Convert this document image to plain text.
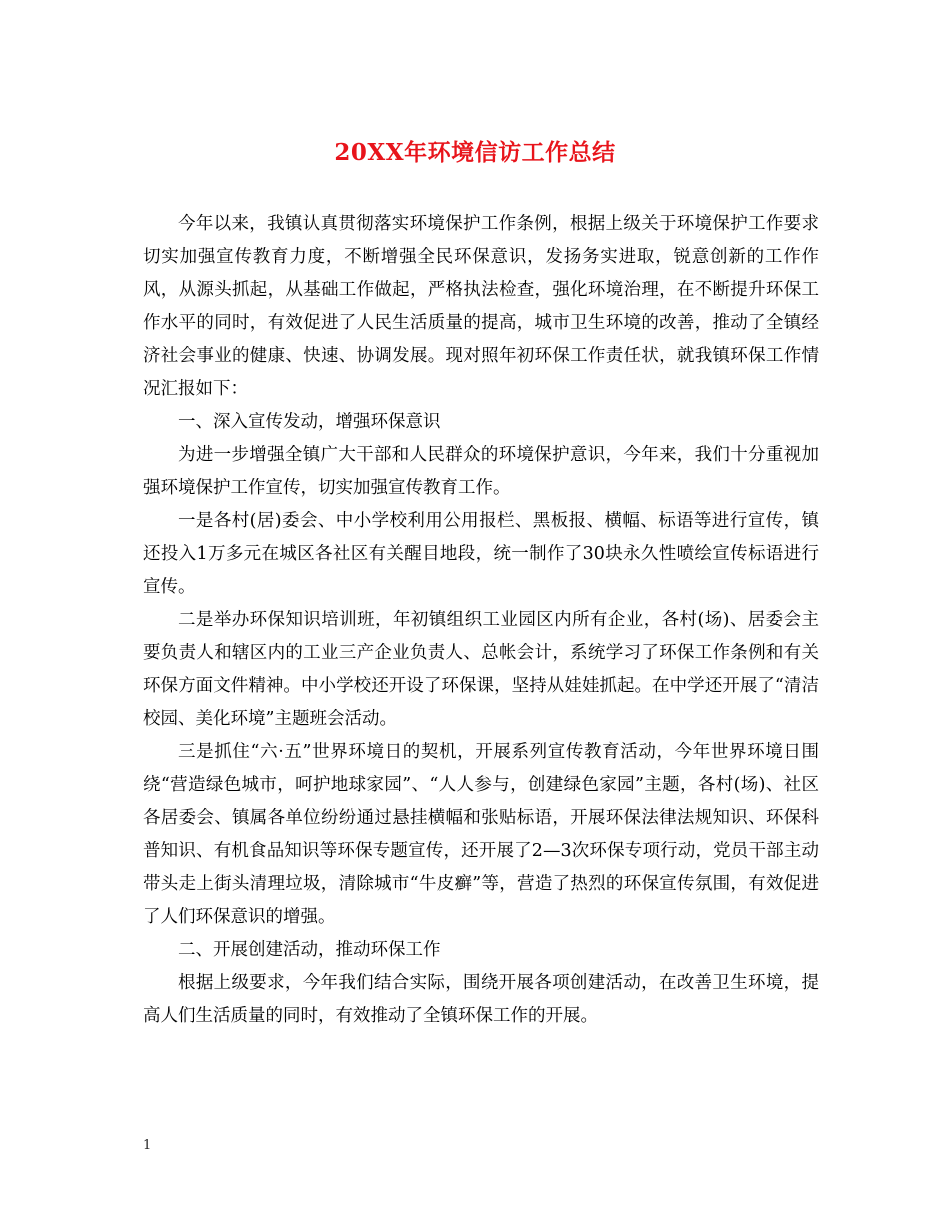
20XX年环境信访工作总结

今年以来，我镇认真贯彻落实环境保护工作条例，根据上级关于环境保护工作要求切实加强宣传教育力度，不断增强全民环保意识，发扬务实进取，锐意创新的工作作风，从源头抓起，从基础工作做起，严格执法检查，强化环境治理，在不断提升环保工作水平的同时，有效促进了人民生活质量的提高，城市卫生环境的改善，推动了全镇经济社会事业的健康、快速、协调发展。现对照年初环保工作责任状，就我镇环保工作情况汇报如下：

一、深入宣传发动，增强环保意识

为进一步增强全镇广大干部和人民群众的环境保护意识，今年来，我们十分重视加强环境保护工作宣传，切实加强宣传教育工作。

一是各村(居)委会、中小学校利用公用报栏、黑板报、横幅、标语等进行宣传，镇还投入1万多元在城区各社区有关醒目地段，统一制作了30块永久性喷绘宣传标语进行宣传。

二是举办环保知识培训班，年初镇组织工业园区内所有企业，各村(场)、居委会主要负责人和辖区内的工业三产企业负责人、总帐会计，系统学习了环保工作条例和有关环保方面文件精神。中小学校还开设了环保课，坚持从娃娃抓起。在中学还开展了“清洁校园、美化环境”主题班会活动。

三是抓住“六·五”世界环境日的契机，开展系列宣传教育活动，今年世界环境日围绕“营造绿色城市，呵护地球家园”、“人人参与，创建绿色家园”主题，各村(场)、社区各居委会、镇属各单位纷纷通过悬挂横幅和张贴标语，开展环保法律法规知识、环保科普知识、有机食品知识等环保专题宣传，还开展了2—3次环保专项行动，党员干部主动带头走上街头清理垃圾，清除城市“牛皮癣”等，营造了热烈的环保宣传氛围，有效促进了人们环保意识的增强。

二、开展创建活动，推动环保工作

根据上级要求，今年我们结合实际，围绕开展各项创建活动，在改善卫生环境，提高人们生活质量的同时，有效推动了全镇环保工作的开展。

1
